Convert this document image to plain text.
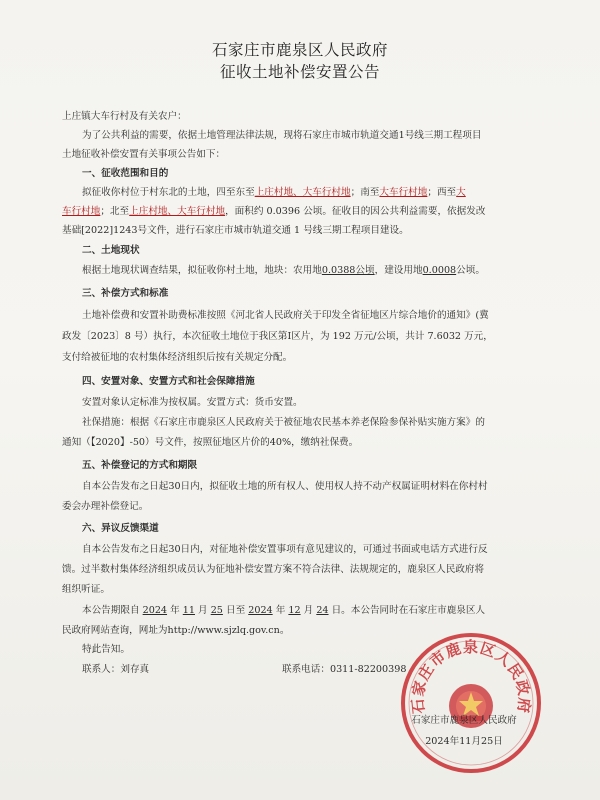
石家庄市鹿泉区人民政府
征收土地补偿安置公告
上庄镇大车行村及有关农户：
为了公共利益的需要，依据土地管理法律法规，现将石家庄市城市轨道交通1号线三期工程项目
土地征收补偿安置有关事项公告如下：
一、征收范围和目的
拟征收你村位于村东北的土地，四至东至上庄村地、大车行村地；南至大车行村地；西至大
车行村地；北至上庄村地、大车行村地，面积约 0.0396 公顷。征收目的因公共利益需要，依据发改
基础[2022]1243号文件，进行石家庄市城市轨道交通 1 号线三期工程项目建设。
二、土地现状
根据土地现状调查结果，拟征收你村土地，地块：农用地0.0388公顷，建设用地0.0008公顷。
三、补偿方式和标准
土地补偿费和安置补助费标准按照《河北省人民政府关于印发全省征地区片综合地价的通知》(冀
政发〔2023〕8 号）执行，本次征收土地位于我区第Ⅰ区片，为 192 万元/公顷，共计 7.6032 万元，
支付给被征地的农村集体经济组织后按有关规定分配。
四、安置对象、安置方式和社会保障措施
安置对象认定标准为按权属。安置方式：货币安置。
社保措施：根据《石家庄市鹿泉区人民政府关于被征地农民基本养老保险参保补贴实施方案》的
通知（【2020】-50）号文件，按照征地区片价的40%，缴纳社保费。
五、补偿登记的方式和期限
自本公告发布之日起30日内，拟征收土地的所有权人、使用权人持不动产权属证明材料在你村村
委会办理补偿登记。
六、异议反馈渠道
自本公告发布之日起30日内，对征地补偿安置事项有意见建议的，可通过书面或电话方式进行反
馈。过半数村集体经济组织成员认为征地补偿安置方案不符合法律、法规规定的，鹿泉区人民政府将
组织听证。
本公告期限自 2024 年 11 月 25 日至 2024 年 12 月 24 日。本公告同时在石家庄市鹿泉区人
民政府网站查询，网址为http://www.sjzlq.gov.cn。
特此告知。
联系人：刘存真	联系电话：0311-82200398
石家庄市鹿泉区人民政府
石家庄市鹿泉区人民政府
2024年11月25日
